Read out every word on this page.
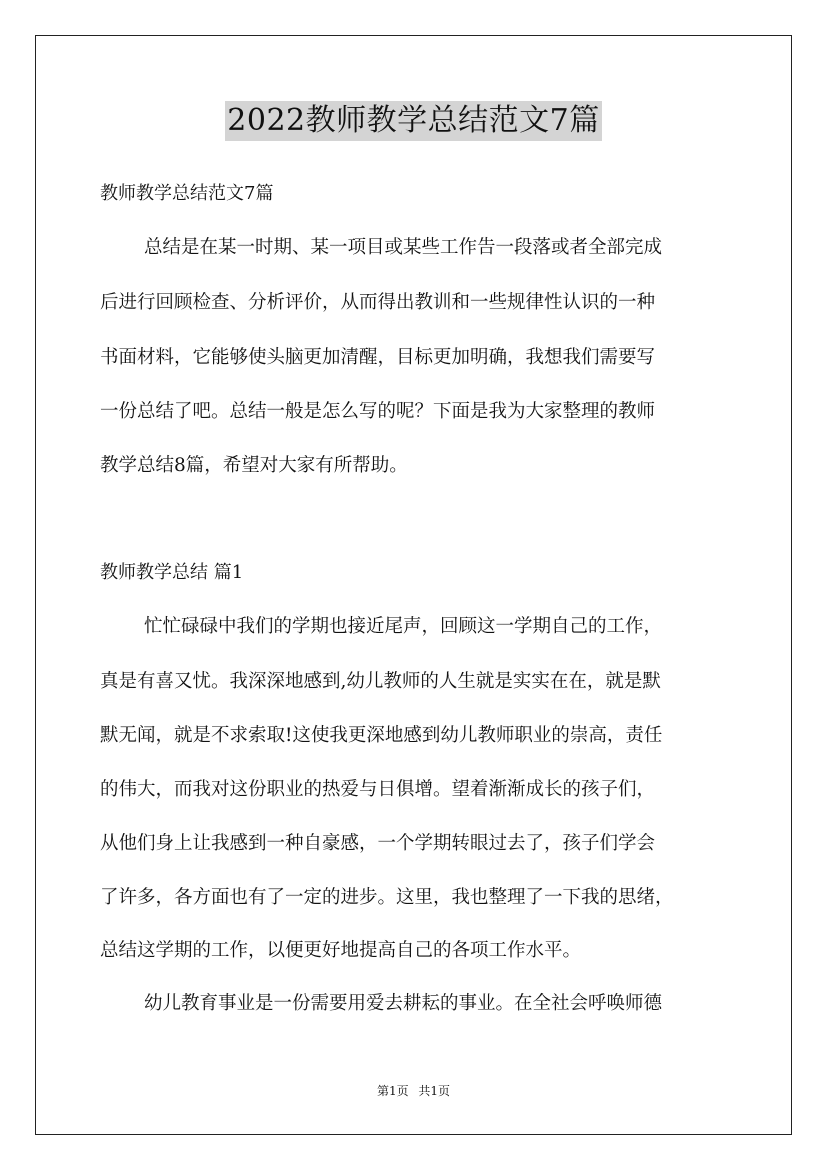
2022教师教学总结范文7篇

教师教学总结范文7篇

总结是在某一时期、某一项目或某些工作告一段落或者全部完成

后进行回顾检查、分析评价，从而得出教训和一些规律性认识的一种

书面材料，它能够使头脑更加清醒，目标更加明确，我想我们需要写

一份总结了吧。总结一般是怎么写的呢？下面是我为大家整理的教师

教学总结8篇，希望对大家有所帮助。

教师教学总结 篇1

忙忙碌碌中我们的学期也接近尾声，回顾这一学期自己的工作，

真是有喜又忧。我深深地感到,幼儿教师的人生就是实实在在，就是默

默无闻，就是不求索取!这使我更深地感到幼儿教师职业的崇高，责任

的伟大，而我对这份职业的热爱与日俱增。望着渐渐成长的孩子们，

从他们身上让我感到一种自豪感，一个学期转眼过去了，孩子们学会

了许多，各方面也有了一定的进步。这里，我也整理了一下我的思绪，

总结这学期的工作，以便更好地提高自己的各项工作水平。

幼儿教育事业是一份需要用爱去耕耘的事业。在全社会呼唤师德

第1页 共1页
